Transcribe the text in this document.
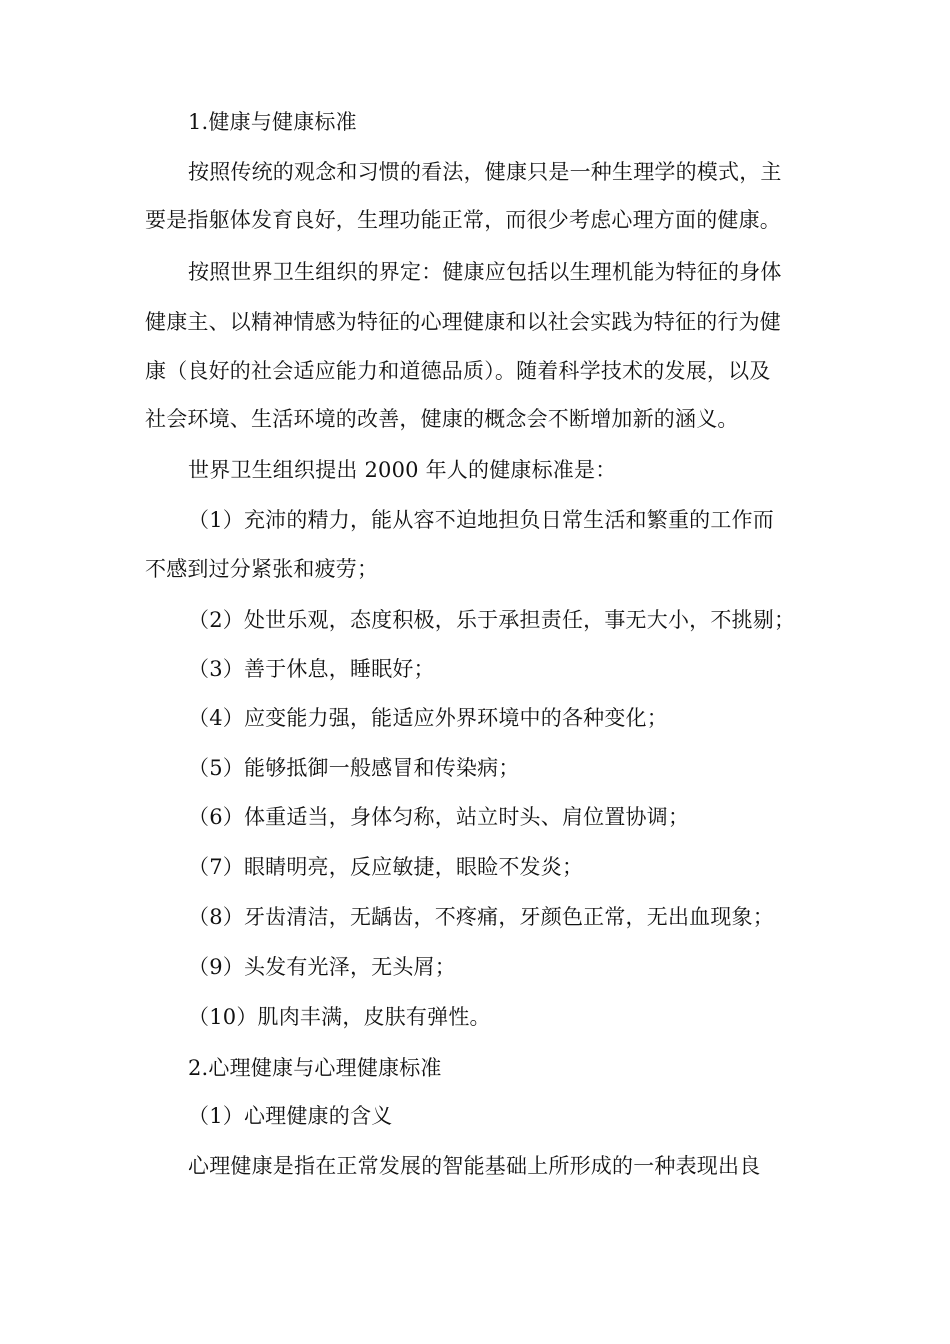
1.健康与健康标准

按照传统的观念和习惯的看法，健康只是一种生理学的模式，主

要是指躯体发育良好，生理功能正常，而很少考虑心理方面的健康。

按照世界卫生组织的界定：健康应包括以生理机能为特征的身体

健康主、以精神情感为特征的心理健康和以社会实践为特征的行为健

康（良好的社会适应能力和道德品质）。随着科学技术的发展，以及

社会环境、生活环境的改善，健康的概念会不断增加新的涵义。

世界卫生组织提出 2000 年人的健康标准是：

（1）充沛的精力，能从容不迫地担负日常生活和繁重的工作而

不感到过分紧张和疲劳；

（2）处世乐观，态度积极，乐于承担责任，事无大小，不挑剔；

（3）善于休息，睡眠好；

（4）应变能力强，能适应外界环境中的各种变化；

（5）能够抵御一般感冒和传染病；

（6）体重适当，身体匀称，站立时头、肩位置协调；

（7）眼睛明亮，反应敏捷，眼睑不发炎；

（8）牙齿清洁，无龋齿，不疼痛，牙颜色正常，无出血现象；

（9）头发有光泽，无头屑；

（10）肌肉丰满，皮肤有弹性。

2.心理健康与心理健康标准

（1）心理健康的含义

心理健康是指在正常发展的智能基础上所形成的一种表现出良
